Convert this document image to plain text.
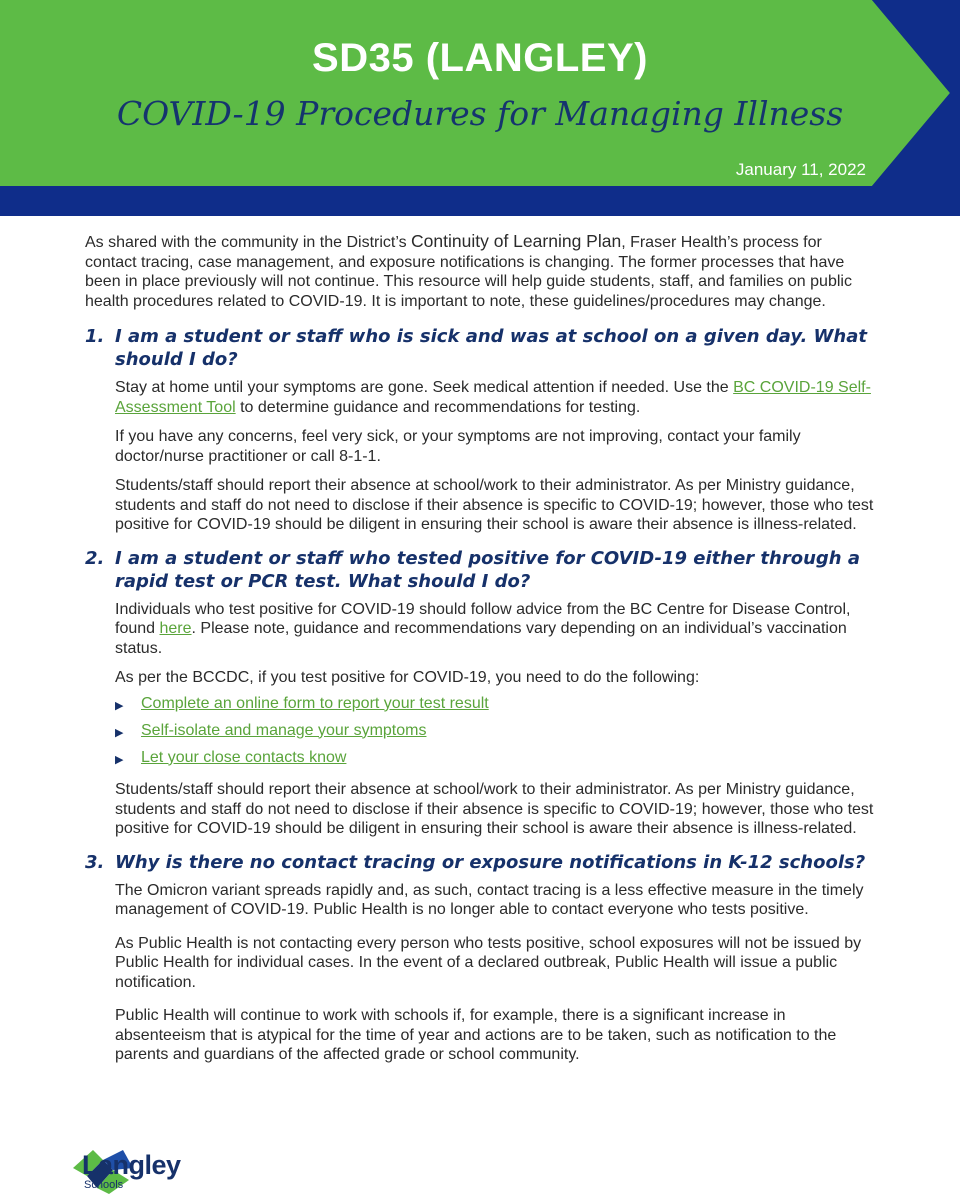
SD35 (LANGLEY)
COVID-19 Procedures for Managing Illness
January 11, 2022

As shared with the community in the District’s Continuity of Learning Plan, Fraser Health’s process for contact tracing, case management, and exposure notifications is changing. The former processes that have been in place previously will not continue. This resource will help guide students, staff, and families on public health procedures related to COVID-19. It is important to note, these guidelines/procedures may change.

1. I am a student or staff who is sick and was at school on a given day. What should I do?

Stay at home until your symptoms are gone. Seek medical attention if needed. Use the BC COVID-19 Self-Assessment Tool to determine guidance and recommendations for testing.

If you have any concerns, feel very sick, or your symptoms are not improving, contact your family doctor/nurse practitioner or call 8-1-1.

Students/staff should report their absence at school/work to their administrator. As per Ministry guidance, students and staff do not need to disclose if their absence is specific to COVID-19; however, those who test positive for COVID-19 should be diligent in ensuring their school is aware their absence is illness-related.

2. I am a student or staff who tested positive for COVID-19 either through a rapid test or PCR test. What should I do?

Individuals who test positive for COVID-19 should follow advice from the BC Centre for Disease Control, found here. Please note, guidance and recommendations vary depending on an individual’s vaccination status.

As per the BCCDC, if you test positive for COVID-19, you need to do the following:

▶	Complete an online form to report your test result
▶	Self-isolate and manage your symptoms
▶	Let your close contacts know

Students/staff should report their absence at school/work to their administrator. As per Ministry guidance, students and staff do not need to disclose if their absence is specific to COVID-19; however, those who test positive for COVID-19 should be diligent in ensuring their school is aware their absence is illness-related.

3. Why is there no contact tracing or exposure notifications in K-12 schools?

The Omicron variant spreads rapidly and, as such, contact tracing is a less effective measure in the timely management of COVID-19. Public Health is no longer able to contact everyone who tests positive.

As Public Health is not contacting every person who tests positive, school exposures will not be issued by Public Health for individual cases. In the event of a declared outbreak, Public Health will issue a public notification.

Public Health will continue to work with schools if, for example, there is a significant increase in absenteeism that is atypical for the time of year and actions are to be taken, such as notification to the parents and guardians of the affected grade or school community.

Langley
Schools
